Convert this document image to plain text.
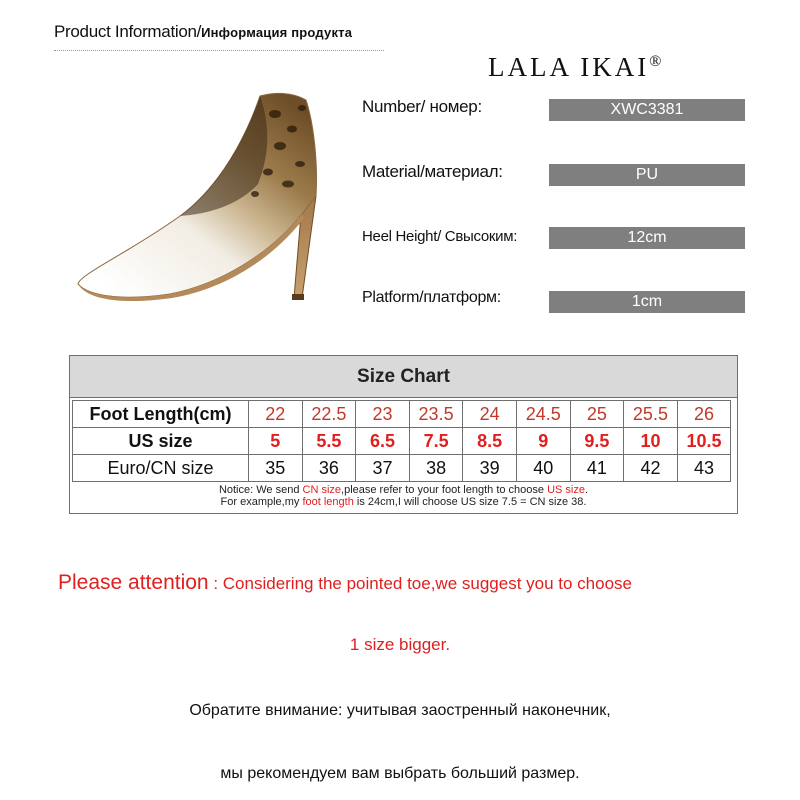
Product Information/Информация продукта
LALA IKAI®
Number/ номер:	XWC3381
Material/материал:	PU
Heel Height/ Свысоким:	12cm
Platform/платформ:	1cm
Size Chart
Foot Length(cm)	22	22.5	23	23.5	24	24.5	25	25.5	26
US size	5	5.5	6.5	7.5	8.5	9	9.5	10	10.5
Euro/CN size	35	36	37	38	39	40	41	42	43
Notice: We send CN size,please refer to your foot length to choose US size.
For example,my foot length is 24cm,I will choose US size 7.5 = CN size 38.
Please attention : Considering the pointed toe,we suggest you to choose
1 size bigger.
Обратите внимание: учитывая заостренный наконечник,
мы рекомендуем вам выбрать больший размер.
